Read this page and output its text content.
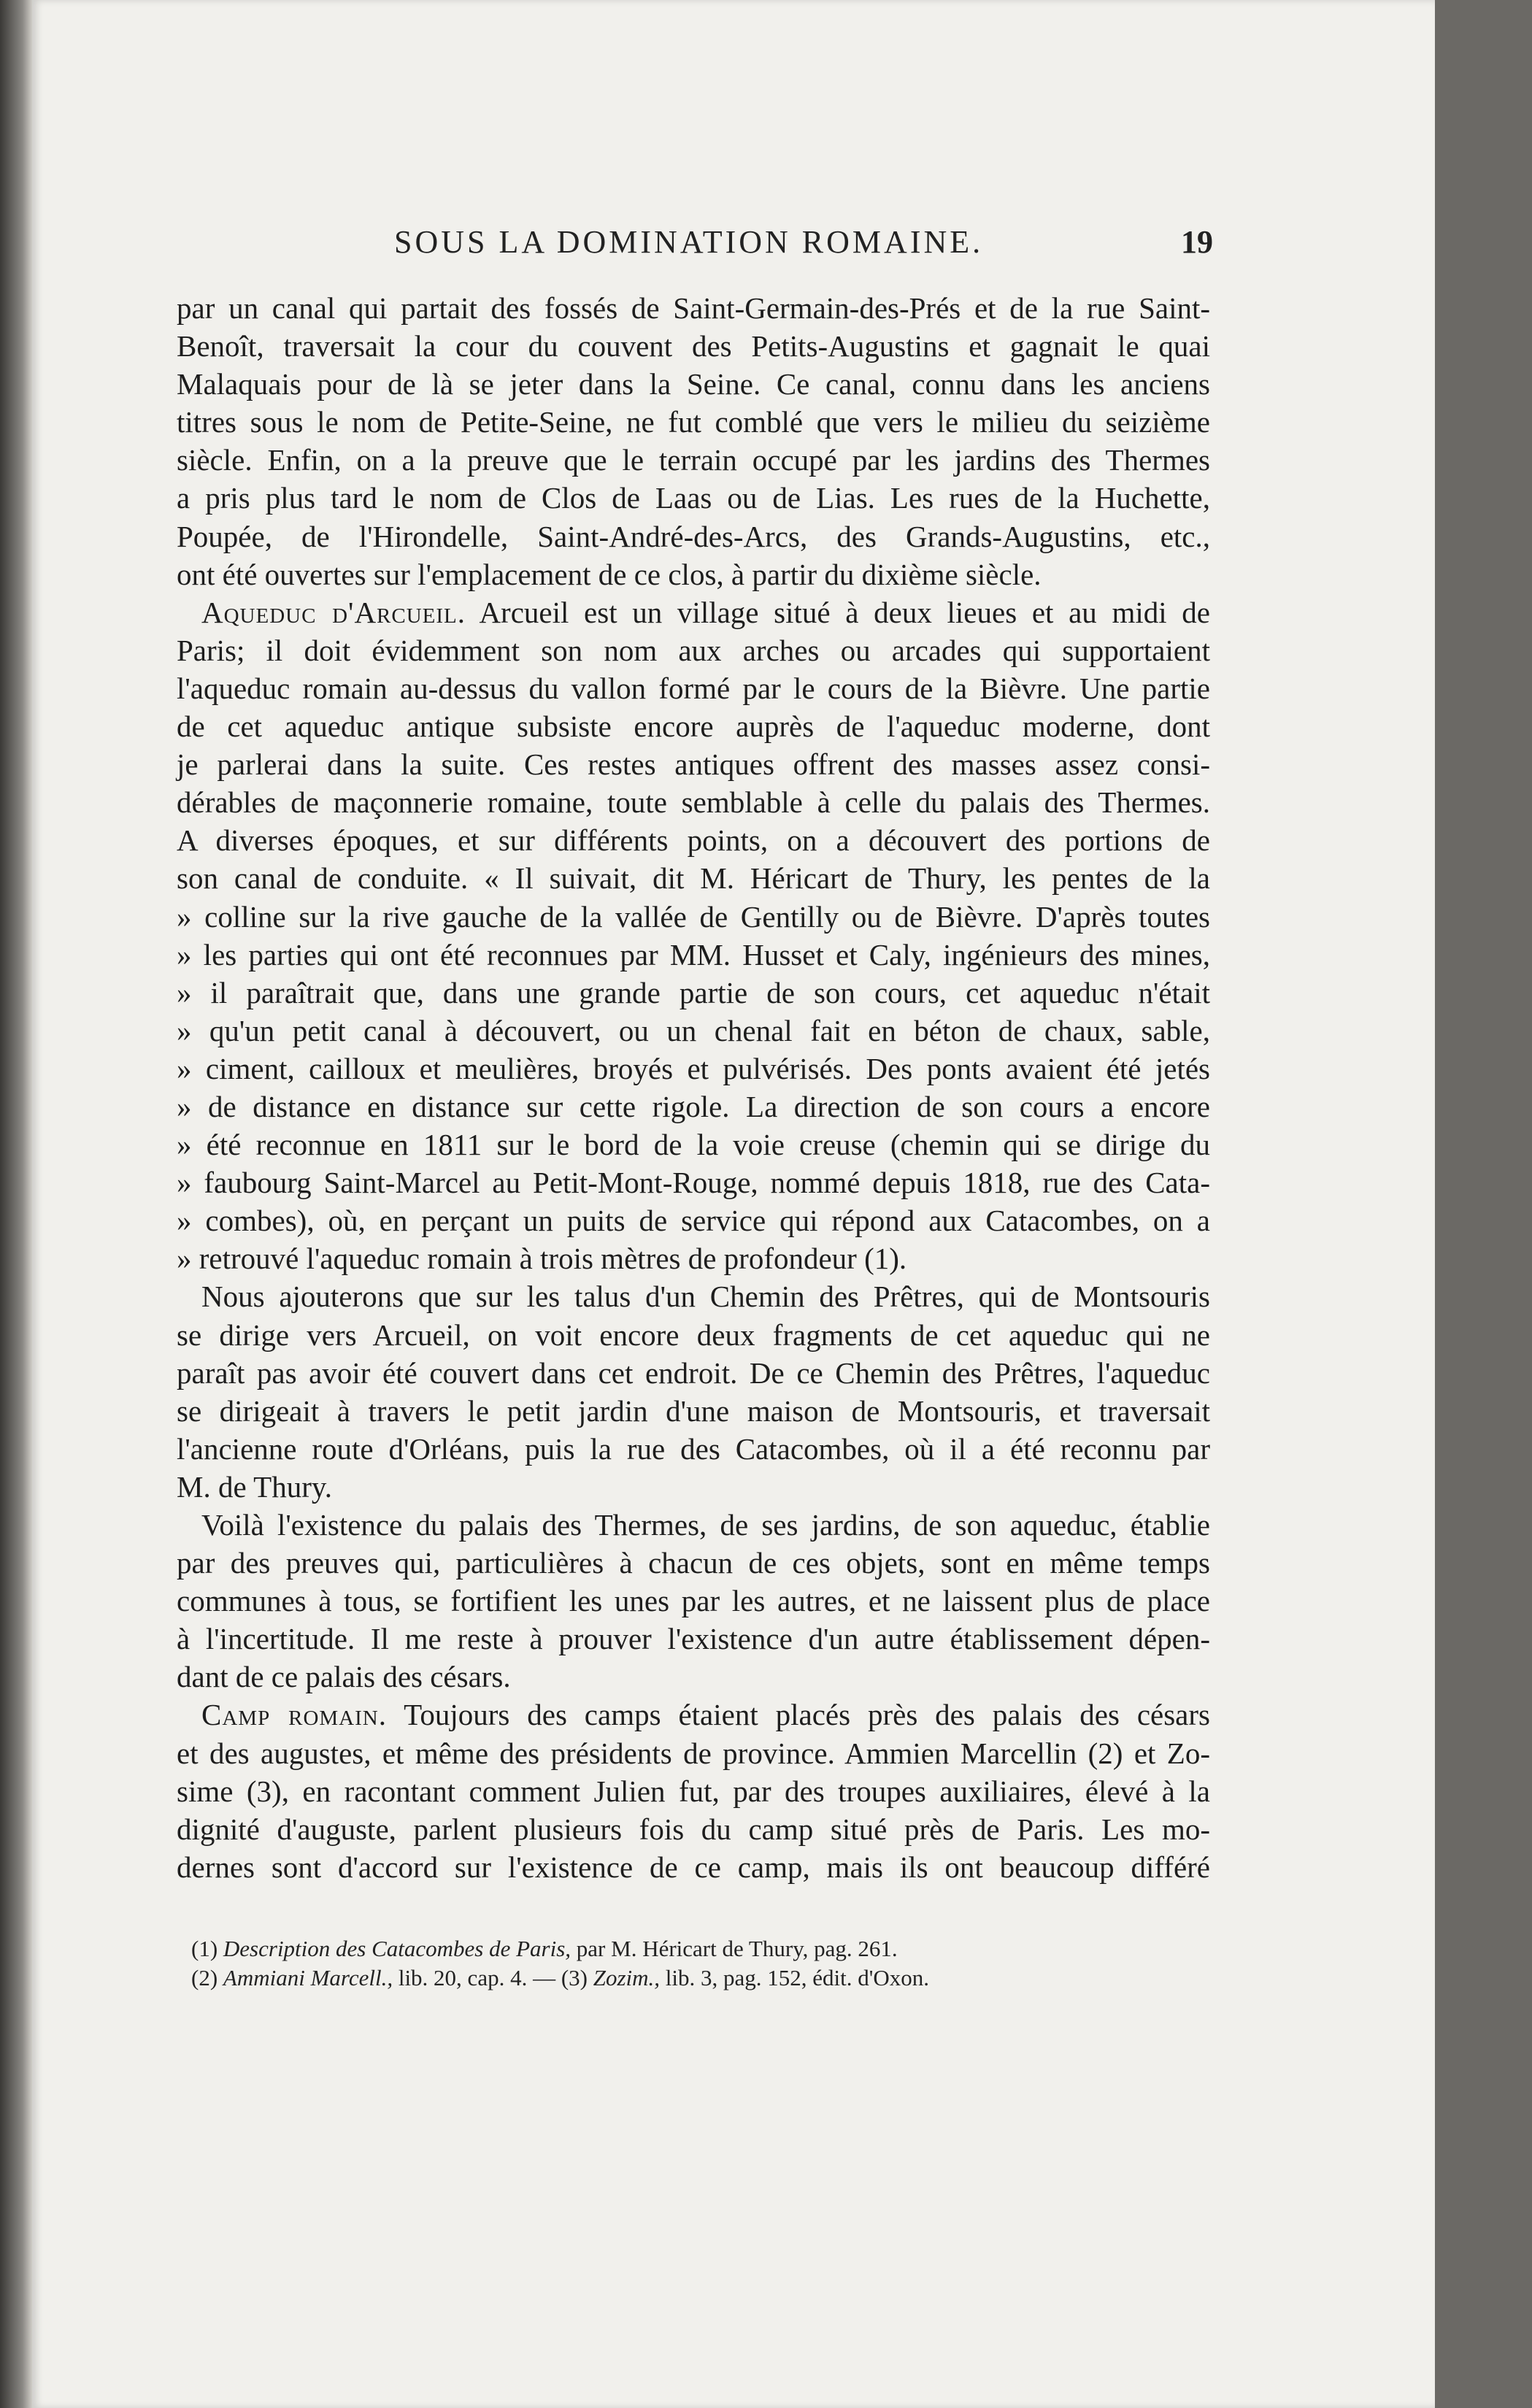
SOUS LA DOMINATION ROMAINE.	19
par un canal qui partait des fossés de Saint-Germain-des-Prés et de la rue Saint-
Benoît, traversait la cour du couvent des Petits-Augustins et gagnait le quai
Malaquais pour de là se jeter dans la Seine. Ce canal, connu dans les anciens
titres sous le nom de Petite-Seine, ne fut comblé que vers le milieu du seizième
siècle. Enfin, on a la preuve que le terrain occupé par les jardins des Thermes
a pris plus tard le nom de Clos de Laas ou de Lias. Les rues de la Huchette,
Poupée, de l'Hirondelle, Saint-André-des-Arcs, des Grands-Augustins, etc.,
ont été ouvertes sur l'emplacement de ce clos, à partir du dixième siècle.
Aqueduc d'Arcueil. Arcueil est un village situé à deux lieues et au midi de
Paris; il doit évidemment son nom aux arches ou arcades qui supportaient
l'aqueduc romain au-dessus du vallon formé par le cours de la Bièvre. Une partie
de cet aqueduc antique subsiste encore auprès de l'aqueduc moderne, dont
je parlerai dans la suite. Ces restes antiques offrent des masses assez consi-
dérables de maçonnerie romaine, toute semblable à celle du palais des Thermes.
A diverses époques, et sur différents points, on a découvert des portions de
son canal de conduite. « Il suivait, dit M. Héricart de Thury, les pentes de la
» colline sur la rive gauche de la vallée de Gentilly ou de Bièvre. D'après toutes
» les parties qui ont été reconnues par MM. Husset et Caly, ingénieurs des mines,
» il paraîtrait que, dans une grande partie de son cours, cet aqueduc n'était
» qu'un petit canal à découvert, ou un chenal fait en béton de chaux, sable,
» ciment, cailloux et meulières, broyés et pulvérisés. Des ponts avaient été jetés
» de distance en distance sur cette rigole. La direction de son cours a encore
» été reconnue en 1811 sur le bord de la voie creuse (chemin qui se dirige du
» faubourg Saint-Marcel au Petit-Mont-Rouge, nommé depuis 1818, rue des Cata-
» combes), où, en perçant un puits de service qui répond aux Catacombes, on a
» retrouvé l'aqueduc romain à trois mètres de profondeur (1).
Nous ajouterons que sur les talus d'un Chemin des Prêtres, qui de Montsouris
se dirige vers Arcueil, on voit encore deux fragments de cet aqueduc qui ne
paraît pas avoir été couvert dans cet endroit. De ce Chemin des Prêtres, l'aqueduc
se dirigeait à travers le petit jardin d'une maison de Montsouris, et traversait
l'ancienne route d'Orléans, puis la rue des Catacombes, où il a été reconnu par
M. de Thury.
Voilà l'existence du palais des Thermes, de ses jardins, de son aqueduc, établie
par des preuves qui, particulières à chacun de ces objets, sont en même temps
communes à tous, se fortifient les unes par les autres, et ne laissent plus de place
à l'incertitude. Il me reste à prouver l'existence d'un autre établissement dépen-
dant de ce palais des césars.
Camp romain. Toujours des camps étaient placés près des palais des césars
et des augustes, et même des présidents de province. Ammien Marcellin (2) et Zo-
sime (3), en racontant comment Julien fut, par des troupes auxiliaires, élevé à la
dignité d'auguste, parlent plusieurs fois du camp situé près de Paris. Les mo-
dernes sont d'accord sur l'existence de ce camp, mais ils ont beaucoup différé
(1) Description des Catacombes de Paris, par M. Héricart de Thury, pag. 261.
(2) Ammiani Marcell., lib. 20, cap. 4. — (3) Zozim., lib. 3, pag. 152, édit. d'Oxon.
